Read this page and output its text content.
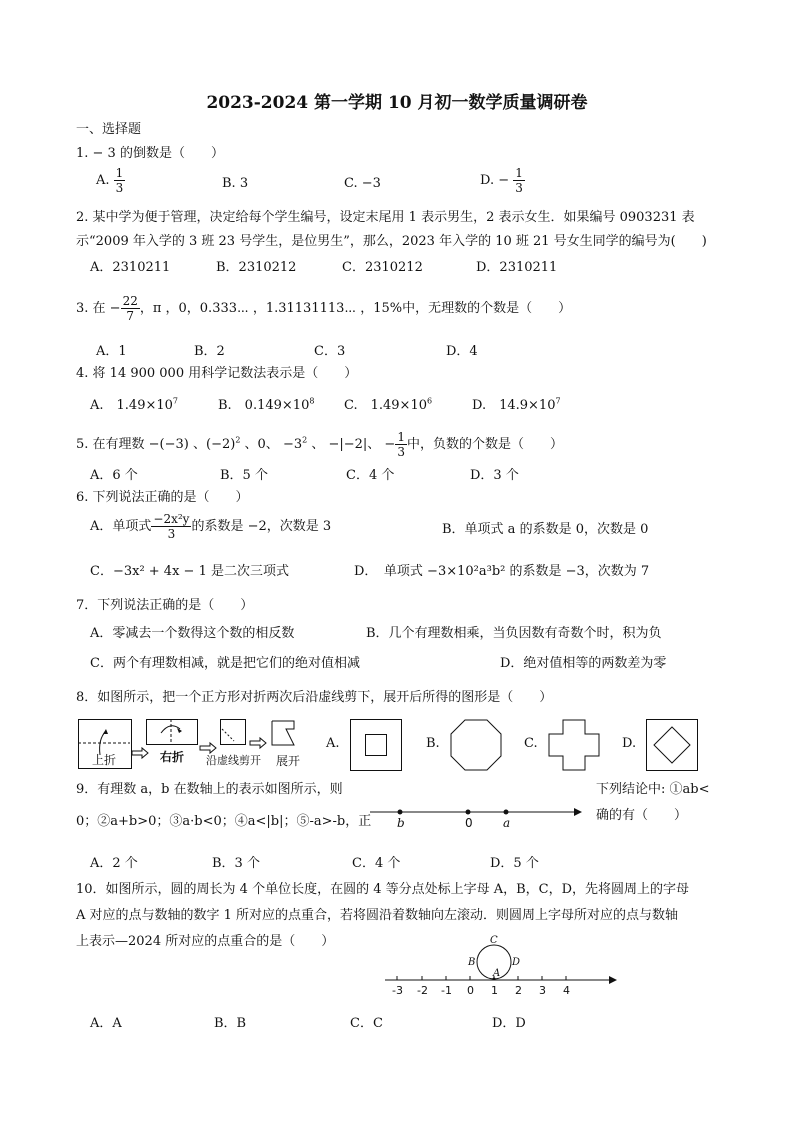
2023-2024 第一学期 10 月初一数学质量调研卷
一、选择题
1. − 3 的倒数是（　　）
A. $\frac{1}{3}$	B. 3	C. −3	D. − $\frac{1}{3}$
2. 某中学为便于管理，决定给每个学生编号，设定末尾用 1 表示男生，2 表示女生．如果编号 0903231 表
示“2009 年入学的 3 班 23 号学生，是位男生”，那么，2023 年入学的 10 班 21 号女生同学的编号为(　　)
A．2310211	B．2310212	C．2310212	D．2310211
3. 在 − $\frac{22}{7}$ ，π ，0，0.333⋯ ，1.31131113⋯ ，15%中，无理数的个数是（　　）
A．1	B．2	C．3	D．4
4. 将 14 900 000 用科学记数法表示是（　　）
A.　$1.49\times 10^7$	B.　$0.149\times 10^8$ C.　$1.49\times 10^6$	D.　$14.9\times 10^7$
5. 在有理数 −(−3) 、$(-2)^2$ 、0、 $-3^2$ 、 −|−2|、 − $\frac{1}{3}$ 中，负数的个数是（　　）
A．6 个	B．5 个	C．4 个	D．3 个
6. 下列说法正确的是（　　）
A．单项式 $\frac{\text{−2x²y}}{3}$ 的系数是 −2，次数是 3	B．单项式 a 的系数是 0，次数是 0
C．−3x² + 4x − 1 是二次三项式	D．　单项式 −3×10²a³b² 的系数是 −3，次数为 7
7．下列说法正确的是（　　）
A．零减去一个数得这个数的相反数	B．几个有理数相乘，当负因数有奇数个时，积为负
C．两个有理数相减，就是把它们的绝对值相减	D．绝对值相等的两数差为零
8．如图所示，把一个正方形对折两次后沿虚线剪下，展开后所得的图形是（　　）
上折	右折 沿虚线剪开 展开
A.	B.	C.	D.
9．有理数 a，b 在数轴上的表示如图所示，则	下列结论中: ①ab<
0；②a+b>0；③a·b<0；④a<|b|；⑤-a>-b，正	确的有（　　）
b	0	a
A．2 个	B．3 个	C．4 个	D．5 个
10．如图所示，圆的周长为 4 个单位长度，在圆的 4 等分点处标上字母 A，B，C，D，先将圆周上的字母
A 对应的点与数轴的数字 1 所对应的点重合，若将圆沿着数轴向左滚动．则圆周上字母所对应的点与数轴
上表示—2024 所对应的点重合的是（　　）
-3 -2 -1 0 1 2 3 4
C
B	D
A
A．A	B．B	C．C	D．D
